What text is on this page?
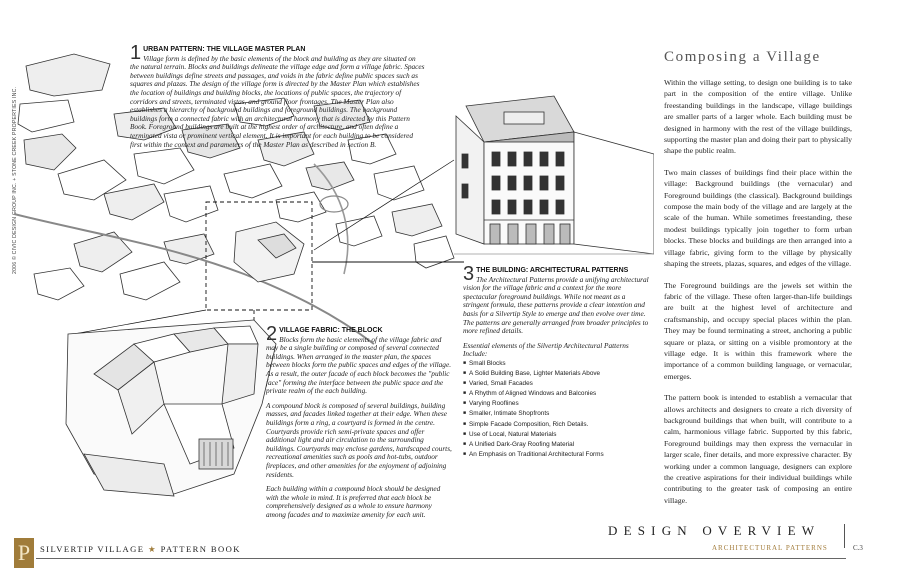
2006 © CIVIC DESIGN GROUP INC. + STONE CREEK PROPERTIES INC.
1 URBAN PATTERN: THE VILLAGE MASTER PLAN

Village form is defined by the basic elements of the block and building as they are situated on the natural terrain. Blocks and buildings delineate the village edge and form a village fabric. Spaces between buildings define streets and passages, and voids in the fabric define public spaces such as squares and plazas. The design of the village form is directed by the Master Plan which establishes the location of buildings and building blocks, the locations of public spaces, the trajectory of corridors and streets, terminated vistas, and ground floor frontages. The Master Plan also establishes a hierarchy of background buildings and foreground buildings. The background buildings form a connected fabric with an architectural harmony that is directed by this Pattern Book. Foreground buildings are built at the highest order of architecture, and often define a terminated vista or prominent vertical element. It is important for each building to be considered first within the context and parameters of the Master Plan as described in section B.

2 VILLAGE FABRIC: THE BLOCK

Blocks form the basic elements of the village fabric and may be a single building or composed of several connected buildings. When arranged in the master plan, the spaces between blocks form the public spaces and edges of the village. As a result, the outer facade of each block becomes the "public face" forming the interface between the public space and the private realm of the each building.

A compound block is composed of several buildings, building masses, and facades linked together at their edge. When these buildings form a ring, a courtyard is formed in the centre. Courtyards provide rich semi-private spaces and offer additional light and air circulation to the surrounding buildings. Courtyards may enclose gardens, hardscaped courts, recreational amenities such as pools and hot-tubs, outdoor fireplaces, and other amenities for the enjoyment of adjoining residents.

Each building within a compound block should be designed with the whole in mind. It is preferred that each block be comprehensively designed as a whole to ensure harmony among facades and to maximize amenity for each unit.

3 THE BUILDING: ARCHITECTURAL PATTERNS

The Architectural Patterns provide a unifying architectural vision for the village fabric and a context for the more spectacular foreground buildings. While not meant as a stringent formula, these patterns provide a clear intention and basis for a Silvertip Style to emerge and then evolve over time. The patterns are generally arranged from broader principles to more refined details.

Essential elements of the Silvertip Architectural Patterns Include:

■ Small Blocks
■ A Solid Building Base, Lighter Materials Above
■ Varied, Small Facades
■ A Rhythm of Aligned Windows and Balconies
■ Varying Rooflines
■ Smaller, Intimate Shopfronts
■ Simple Facade Composition, Rich Details.
■ Use of Local, Natural Materials
■ A Unified Dark-Gray Roofing Material
■ An Emphasis on Traditional Architectural Forms
Composing a Village

Within the village setting, to design one building is to take part in the composition of the entire village. Unlike freestanding buildings in the landscape, village buildings are smaller parts of a larger whole. Each building must be designed in harmony with the rest of the village buildings, supporting the master plan and doing their part to physically shape the public realm.

Two main classes of buildings find their place within the village: Background buildings (the vernacular) and Foreground buildings (the classical). Background buildings compose the main body of the village and are largely at the scale of the human. While sometimes freestanding, these modest buildings typically join together to form urban blocks. These blocks and buildings are then arranged into a village fabric, giving form to the village by physically shaping the streets, plazas, squares, and edges of the village.

The Foreground buildings are the jewels set within the fabric of the village. These often larger-than-life buildings are built at the highest level of architecture and craftsmanship, and occupy special places within the plan. They may be found terminating a street, anchoring a public square or plaza, or sitting on a visible promontory at the village edge. It is within this framework where the importance of a common building language, or vernacular, emerges.

The pattern book is intended to establish a vernacular that allows architects and designers to create a rich diversity of background buildings that when built, will contribute to a calm, harmonious village fabric. Supported by this fabric, Foreground buildings may then express the vernacular in larger scale, finer details, and more expressive character. By working under a common language, designers can explore the creative aspirations for their individual buildings while contributing to the greater task of composing an entire village.

P	SILVERTIP VILLAGE ★ PATTERN BOOK
DESIGN OVERVIEW
ARCHITECTURAL PATTERNS	C.3
